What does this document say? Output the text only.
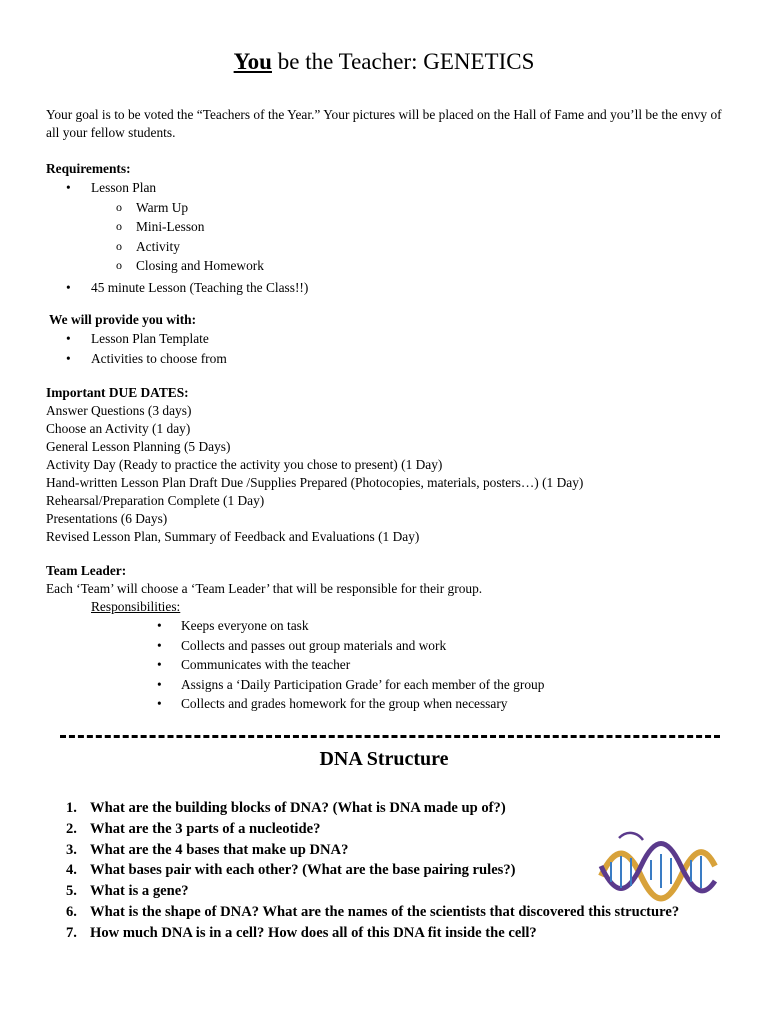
You be the Teacher: GENETICS
Your goal is to be voted the “Teachers of the Year.” Your pictures will be placed on the Hall of Fame and you’ll be the envy of all your fellow students.
Requirements:
• Lesson Plan
o Warm Up
o Mini-Lesson
o Activity
o Closing and Homework
• 45 minute Lesson (Teaching the Class!!)
We will provide you with:
• Lesson Plan Template
• Activities to choose from
Important DUE DATES:
Answer Questions (3 days)
Choose an Activity (1 day)
General Lesson Planning (5 Days)
Activity Day (Ready to practice the activity you chose to present) (1 Day)
Hand-written Lesson Plan Draft Due /Supplies Prepared (Photocopies, materials, posters…) (1 Day)
Rehearsal/Preparation Complete (1 Day)
Presentations (6 Days)
Revised Lesson Plan, Summary of Feedback and Evaluations (1 Day)
Team Leader:
Each ‘Team’ will choose a ‘Team Leader’ that will be responsible for their group.
Responsibilities:
• Keeps everyone on task
• Collects and passes out group materials and work
• Communicates with the teacher
• Assigns a ‘Daily Participation Grade’ for each member of the group
• Collects and grades homework for the group when necessary
DNA Structure
1. What are the building blocks of DNA? (What is DNA made up of?)
2. What are the 3 parts of a nucleotide?
3. What are the 4 bases that make up DNA?
4. What bases pair with each other? (What are the base pairing rules?)
5. What is a gene?
6. What is the shape of DNA? What are the names of the scientists that discovered this structure?
7. How much DNA is in a cell? How does all of this DNA fit inside the cell?
